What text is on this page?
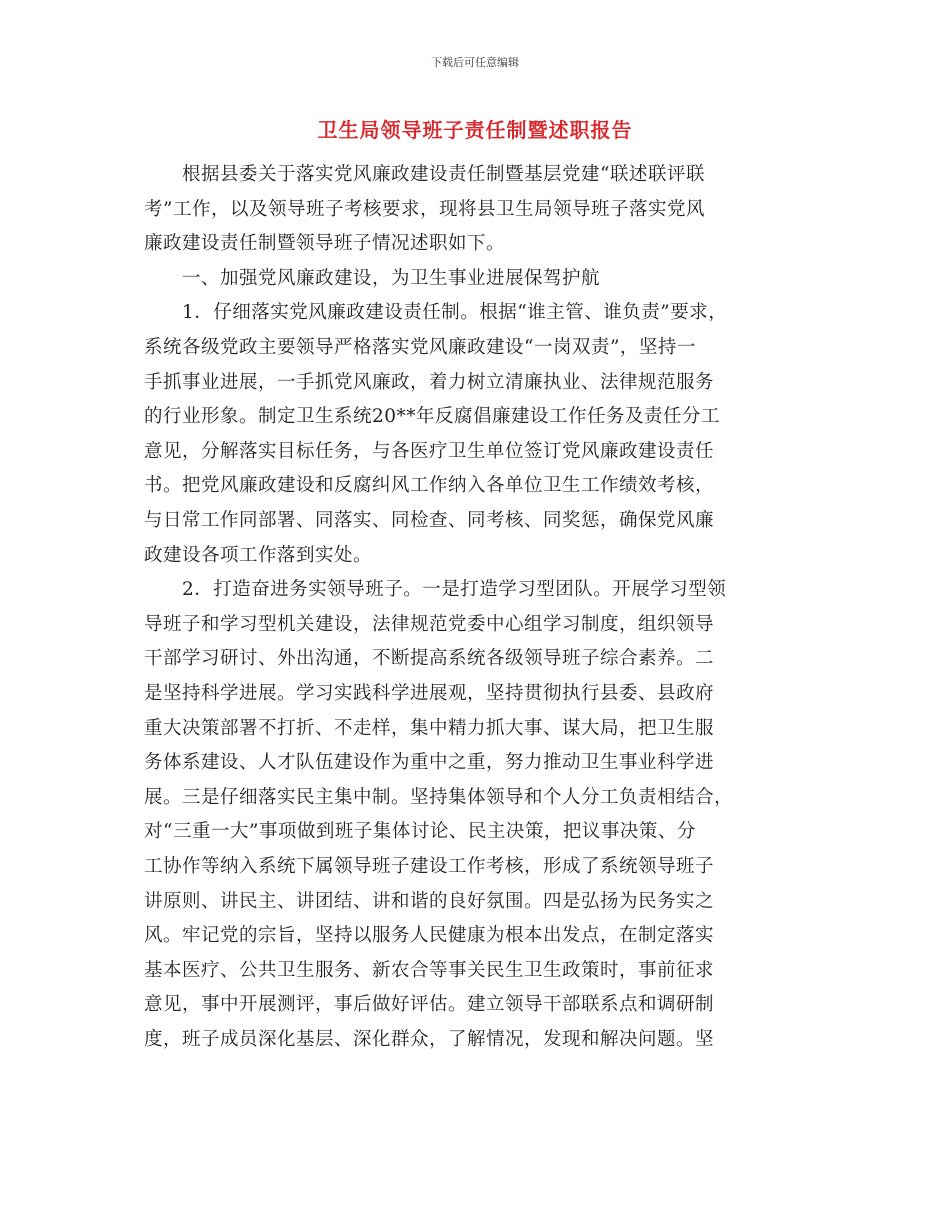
下载后可任意编辑
卫生局领导班子责任制暨述职报告
根据县委关于落实党风廉政建设责任制暨基层党建“联述联评联
考”工作，以及领导班子考核要求，现将县卫生局领导班子落实党风
廉政建设责任制暨领导班子情况述职如下。
一、加强党风廉政建设，为卫生事业进展保驾护航
1．仔细落实党风廉政建设责任制。根据“谁主管、谁负责”要求，
系统各级党政主要领导严格落实党风廉政建设“一岗双责”，坚持一
手抓事业进展，一手抓党风廉政，着力树立清廉执业、法律规范服务
的行业形象。制定卫生系统20**年反腐倡廉建设工作任务及责任分工
意见，分解落实目标任务，与各医疗卫生单位签订党风廉政建设责任
书。把党风廉政建设和反腐纠风工作纳入各单位卫生工作绩效考核，
与日常工作同部署、同落实、同检查、同考核、同奖惩，确保党风廉
政建设各项工作落到实处。
2．打造奋进务实领导班子。一是打造学习型团队。开展学习型领
导班子和学习型机关建设，法律规范党委中心组学习制度，组织领导
干部学习研讨、外出沟通，不断提高系统各级领导班子综合素养。二
是坚持科学进展。学习实践科学进展观，坚持贯彻执行县委、县政府
重大决策部署不打折、不走样，集中精力抓大事、谋大局，把卫生服
务体系建设、人才队伍建设作为重中之重，努力推动卫生事业科学进
展。三是仔细落实民主集中制。坚持集体领导和个人分工负责相结合，
对“三重一大”事项做到班子集体讨论、民主决策，把议事决策、分
工协作等纳入系统下属领导班子建设工作考核，形成了系统领导班子
讲原则、讲民主、讲团结、讲和谐的良好氛围。四是弘扬为民务实之
风。牢记党的宗旨，坚持以服务人民健康为根本出发点，在制定落实
基本医疗、公共卫生服务、新农合等事关民生卫生政策时，事前征求
意见，事中开展测评，事后做好评估。建立领导干部联系点和调研制
度，班子成员深化基层、深化群众，了解情况，发现和解决问题。坚
